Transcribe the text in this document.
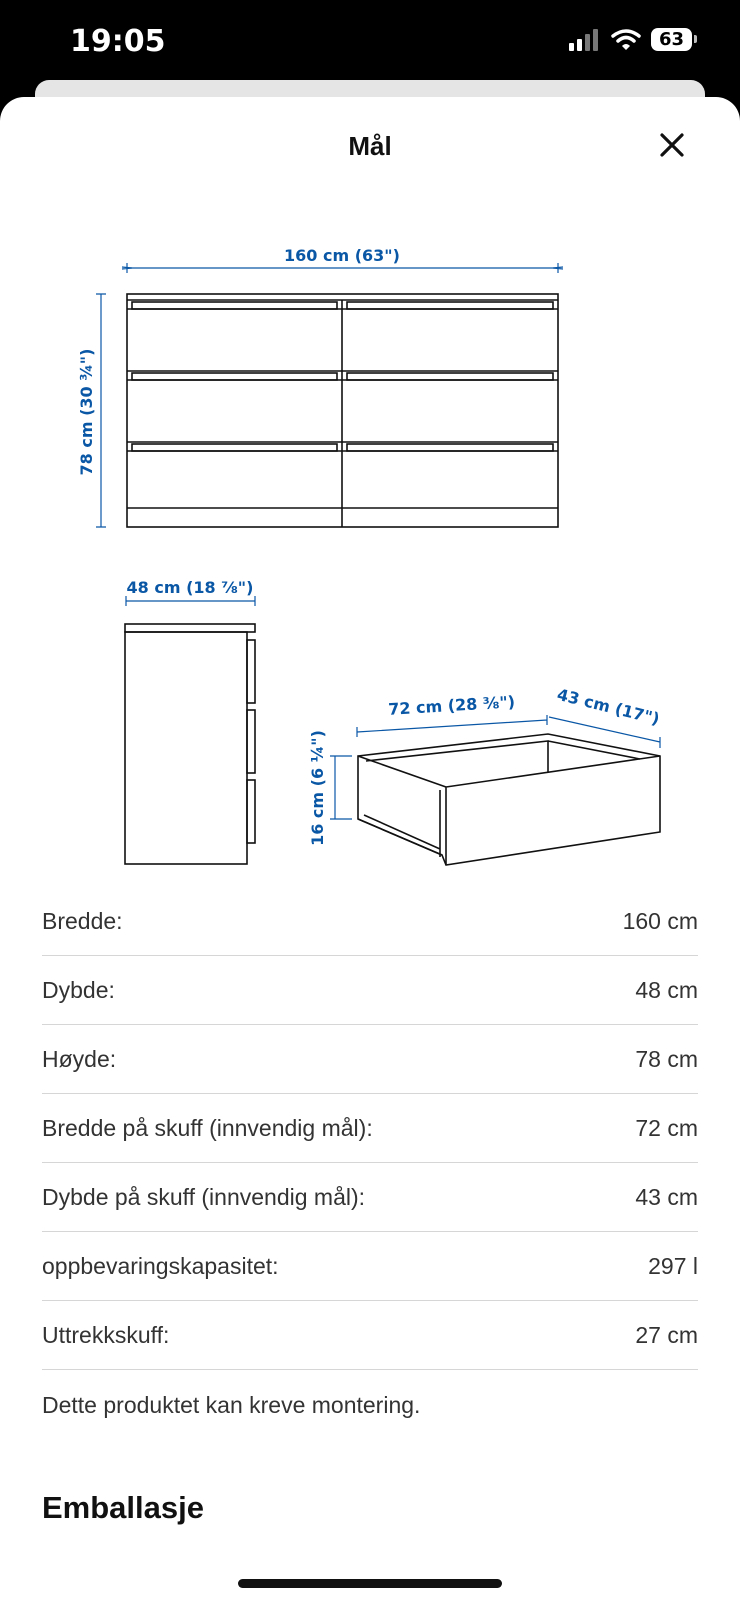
19:05	63
Mål
160 cm (63")
78 cm (30 ¾")
48 cm (18 ⅞")
72 cm (28 ⅜") 43 cm (17")
16 cm (6 ¼")
Bredde:	160 cm
Dybde:	48 cm
Høyde:	78 cm
Bredde på skuff (innvendig mål):	72 cm
Dybde på skuff (innvendig mål):	43 cm
oppbevaringskapasitet:	297 l
Uttrekkskuff:	27 cm
Dette produktet kan kreve montering.
Emballasje
